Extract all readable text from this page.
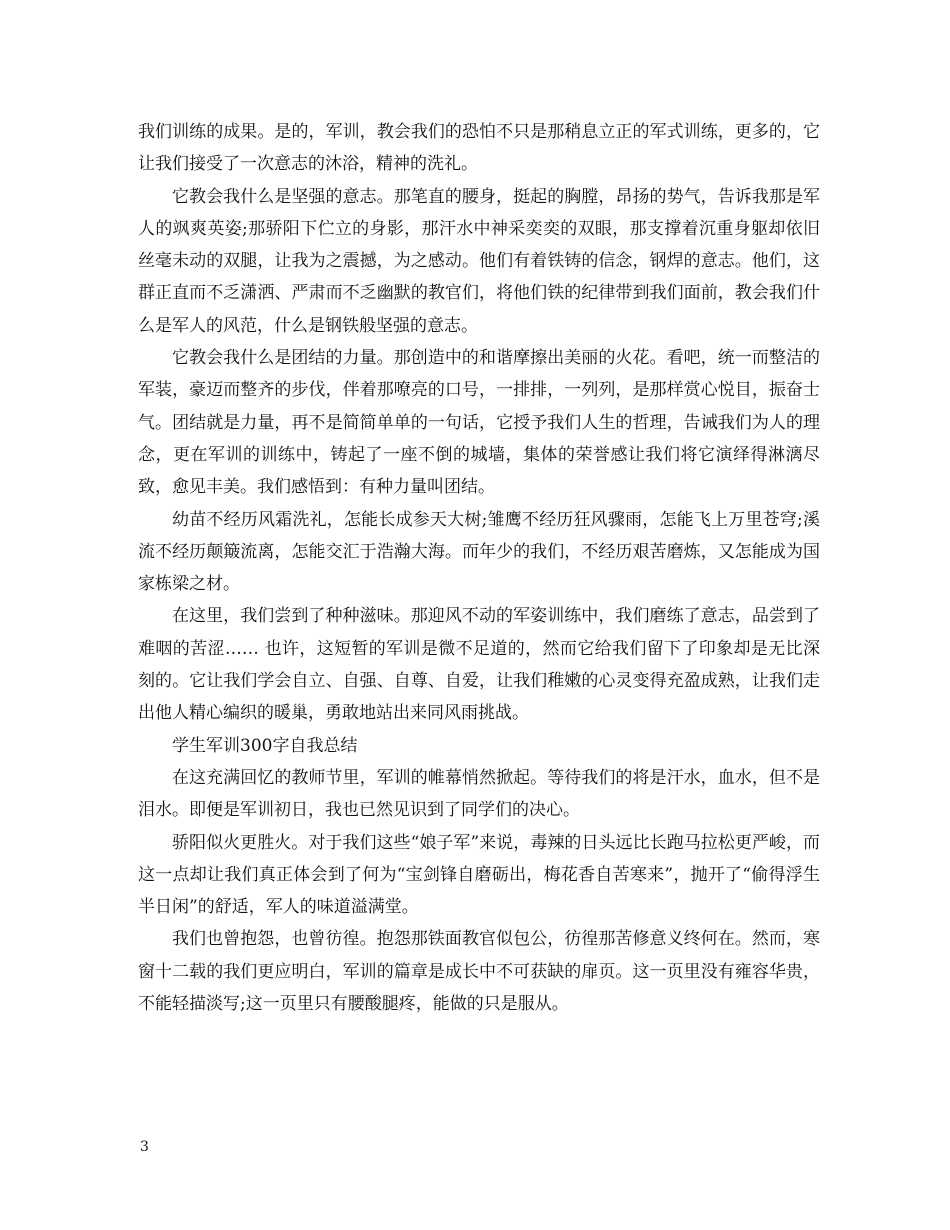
我们训练的成果。是的，军训，教会我们的恐怕不只是那稍息立正的军式训练，更多的，它让我们接受了一次意志的沐浴，精神的洗礼。

它教会我什么是坚强的意志。那笔直的腰身，挺起的胸膛，昂扬的势气，告诉我那是军人的飒爽英姿;那骄阳下伫立的身影，那汗水中神采奕奕的双眼，那支撑着沉重身躯却依旧丝毫未动的双腿，让我为之震撼，为之感动。他们有着铁铸的信念，钢焊的意志。他们，这群正直而不乏潇洒、严肃而不乏幽默的教官们，将他们铁的纪律带到我们面前，教会我们什么是军人的风范，什么是钢铁般坚强的意志。

它教会我什么是团结的力量。那创造中的和谐摩擦出美丽的火花。看吧，统一而整洁的军装，豪迈而整齐的步伐，伴着那嘹亮的口号，一排排，一列列，是那样赏心悦目，振奋士气。团结就是力量，再不是简简单单的一句话，它授予我们人生的哲理，告诫我们为人的理念，更在军训的训练中，铸起了一座不倒的城墙，集体的荣誉感让我们将它演绎得淋漓尽致，愈见丰美。我们感悟到：有种力量叫团结。

幼苗不经历风霜洗礼，怎能长成参天大树;雏鹰不经历狂风骤雨，怎能飞上万里苍穹;溪流不经历颠簸流离，怎能交汇于浩瀚大海。而年少的我们，不经历艰苦磨炼，又怎能成为国家栋梁之材。

在这里，我们尝到了种种滋味。那迎风不动的军姿训练中，我们磨练了意志，品尝到了难咽的苦涩…… 也许，这短暂的军训是微不足道的，然而它给我们留下了印象却是无比深刻的。它让我们学会自立、自强、自尊、自爱，让我们稚嫩的心灵变得充盈成熟，让我们走出他人精心编织的暖巢，勇敢地站出来同风雨挑战。

学生军训300字自我总结

在这充满回忆的教师节里，军训的帷幕悄然掀起。等待我们的将是汗水，血水，但不是泪水。即便是军训初日，我也已然见识到了同学们的决心。

骄阳似火更胜火。对于我们这些“娘子军”来说，毒辣的日头远比长跑马拉松更严峻，而这一点却让我们真正体会到了何为“宝剑锋自磨砺出，梅花香自苦寒来”，抛开了“偷得浮生半日闲”的舒适，军人的味道溢满堂。

我们也曾抱怨，也曾彷徨。抱怨那铁面教官似包公，彷徨那苦修意义终何在。然而，寒窗十二载的我们更应明白，军训的篇章是成长中不可获缺的扉页。这一页里没有雍容华贵，不能轻描淡写;这一页里只有腰酸腿疼，能做的只是服从。

3
